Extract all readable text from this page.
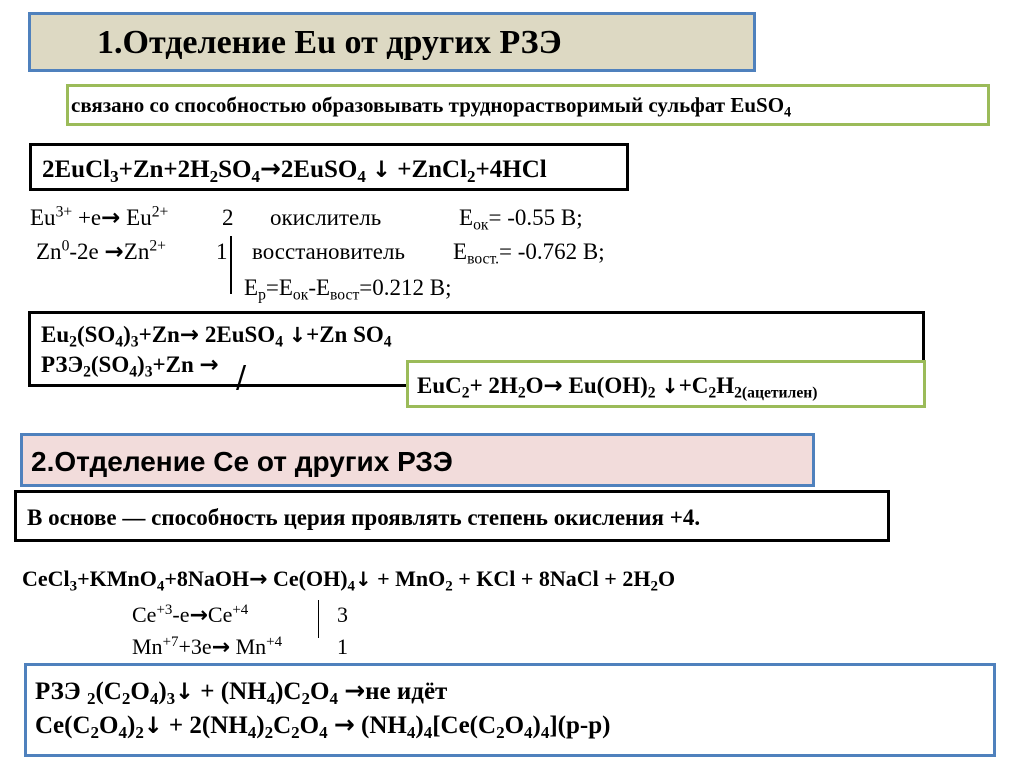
1.Отделение Eu от других РЗЭ
связано со способностью образовывать труднорастворимый сульфат EuSO$_4$
$2EuCl_3+Zn+2H_2SO_4\to 2EuSO_4$ ↓ +ZnCl$_2$+4HCl
$Eu^{3+} +e\to Eu^{2+}$ 2 окислитель	$E_{ок}= -0.55$ В;
$Zn^0-2e \to Zn^{2+}$ 1 восстановитель $E_{вост.}= -0.762$ В;
$E_р=E_{ок}-E_{вост}=0.212$ В;
$Eu_2(SO_4)_3+Zn\to$ 2EuSO$_4$ ↓+Zn $SO_4$
$РЗЭ_2(SO_4)_3+Zn$ → /	$EuC_2+ 2H_2O\to Eu(OH)_2$ $↓+C_2H_{2(ацетилен)}$
2.Отделение Се от других РЗЭ
В основе — способность церия проявлять степень окисления +4.
CeCl$_3$+KMnO$_4$+8NaOH→ $Ce(OH)_4↓ + MnO_2$ + KCl + 8NaCl + $2H_2O$
$Ce^{+3}-e\to Ce^{+4}$	3
$Mn^{+7}+3e\to Mn^{+4}$ 1
РЗЭ $_2(C_2O_4)_3↓ + (NH_4)C_2O_4 \to не$ идёт
$Ce(C_2O_4)_2↓ + 2(NH_4)_2C_2O_4 \to (NH_4)_4[Ce(C_2O_4)_4](р-р)$
